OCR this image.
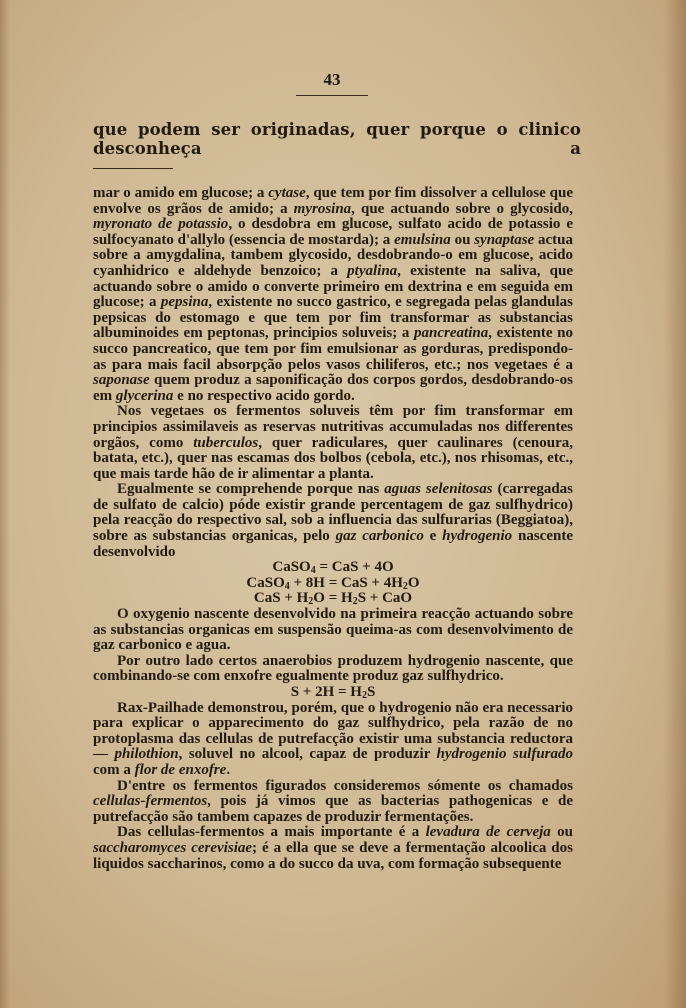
43
que podem ser originadas, quer porque o clinico desconheça a

mar o amido em glucose; a cytase, que tem por fim dissolver a cellulose que envolve os grãos de amido; a myrosina, que actuando sobre o glycosido, myronato de potassio, o desdobra em glucose, sulfato acido de potassio e sulfocyanato d'allylo (essencia de mostarda); a emulsina ou synaptase actua sobre a amygdalina, tambem glycosido, desdobrando-o em glucose, acido cyanhidrico e aldehyde benzoico; a ptyalina, existente na saliva, que actuando sobre o amido o converte primeiro em dextrina e em seguida em glucose; a pepsina, existente no succo gastrico, e segregada pelas glandulas pepsicas do estomago e que tem por fim transformar as substancias albuminoides em peptonas, principios soluveis; a pancreatina, existente no succo pancreatico, que tem por fim emulsionar as gorduras, predispondo-as para mais facil absorpção pelos vasos chiliferos, etc.; nos vegetaes é a saponase quem produz a saponificação dos corpos gordos, desdobrando-os em glycerina e no respectivo acido gordo.

Nos vegetaes os fermentos soluveis têm por fim transformar em principios assimilaveis as reservas nutritivas accumuladas nos differentes orgãos, como tuberculos, quer radiculares, quer caulinares (cenoura, batata, etc.), quer nas escamas dos bolbos (cebola, etc.), nos rhisomas, etc., que mais tarde hão de ir alimentar a planta.

Egualmente se comprehende porque nas aguas selenitosas (carregadas de sulfato de calcio) póde existir grande percentagem de gaz sulfhydrico) pela reacção do respectivo sal, sob a influencia das sulfurarias (Beggiatoa), sobre as substancias organicas, pelo gaz carbonico e hydrogenio nascente desenvolvido

CaSO$_4$ = CaS + 4O

CaSO$_4$ + 8H = CaS + $4H_2O$

CaS + $H_2O = H_2S$ + CaO

O oxygenio nascente desenvolvido na primeira reacção actuando sobre as substancias organicas em suspensão queima-as com desenvolvimento de gaz carbonico e agua.

Por outro lado certos anaerobios produzem hydrogenio nascente, que combinando-se com enxofre egualmente produz gaz sulfhydrico.

$S + 2H = H_2S$

Rax-Pailhade demonstrou, porém, que o hydrogenio não era necessario para explicar o apparecimento do gaz sulfhydrico, pela razão de no protoplasma das cellulas de putrefacção existir uma substancia reductora — philothion, soluvel no alcool, capaz de produzir hydrogenio sulfurado com a flor de enxofre.

D'entre os fermentos figurados consideremos sómente os chamados cellulas-fermentos, pois já vimos que as bacterias pathogenicas e de putrefacção são tambem capazes de produzir fermentações.

Das cellulas-fermentos a mais importante é a levadura de cerveja ou saccharomyces cerevisiae; é a ella que se deve a fermentação alcoolica dos liquidos saccharinos, como a do succo da uva, com formação subsequente
